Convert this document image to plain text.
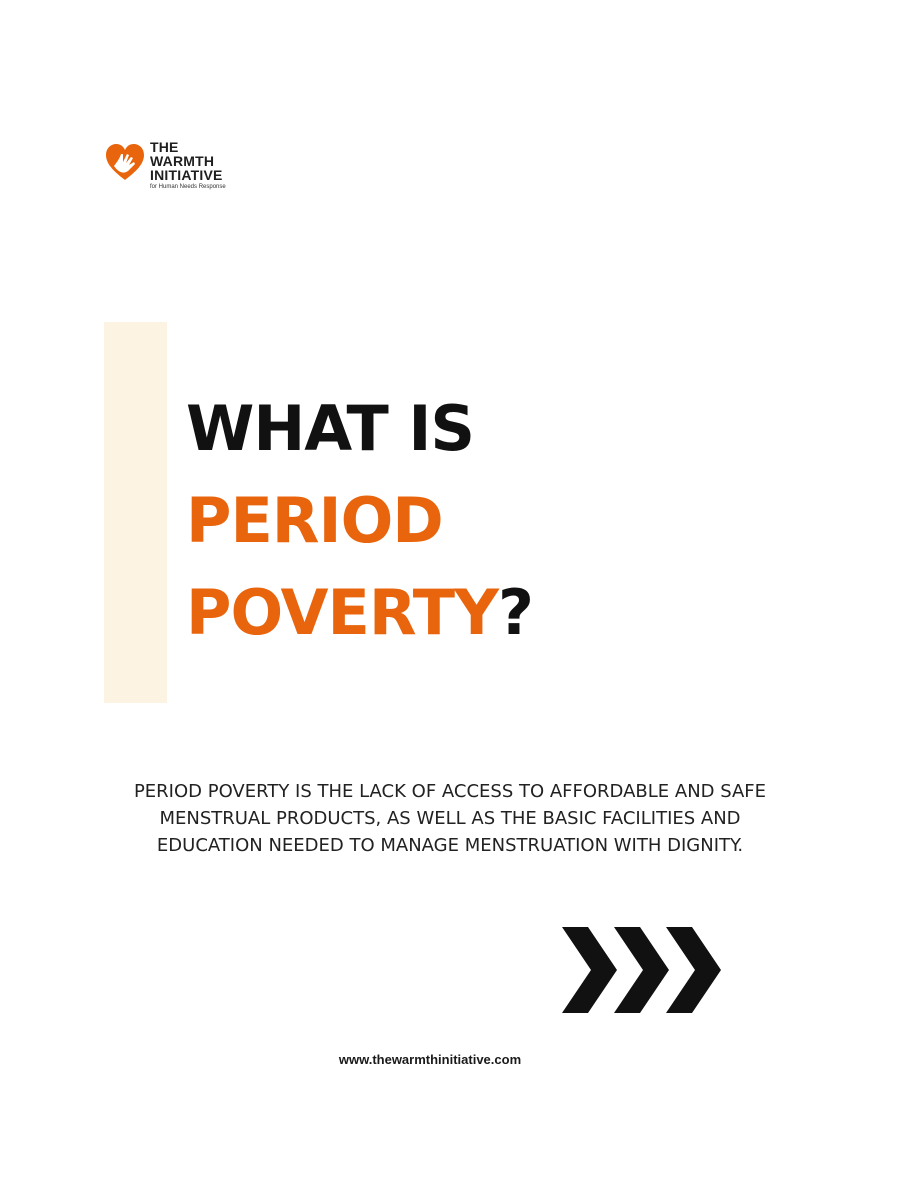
THE
WARMTH
INITIATIVE
for Human Needs Response
WHAT IS
PERIOD
POVERTY?

PERIOD POVERTY IS THE LACK OF ACCESS TO AFFORDABLE AND SAFE
MENSTRUAL PRODUCTS, AS WELL AS THE BASIC FACILITIES AND
EDUCATION NEEDED TO MANAGE MENSTRUATION WITH DIGNITY.

www.thewarmthinitiative.com
